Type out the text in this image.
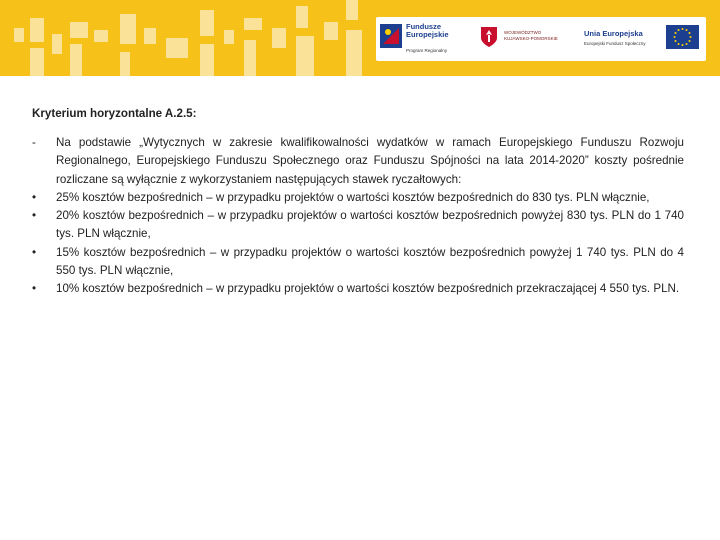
Fundusze
Europejskie
Program Regionalny
WOJEWÓDZTWO
KUJAWSKO-POMORSKIE
Unia Europejska
Europejski Fundusz Społeczny
Kryterium horyzontalne A.2.5:
-	Na podstawie „Wytycznych w zakresie kwalifikowalności wydatków w ramach Europejskiego Funduszu Rozwoju Regionalnego, Europejskiego Funduszu Społecznego oraz Funduszu Spójności na lata 2014-2020” koszty pośrednie rozliczane są wyłącznie z wykorzystaniem następujących stawek ryczałtowych:
•	25% kosztów bezpośrednich – w przypadku projektów o wartości kosztów bezpośrednich do 830 tys. PLN włącznie,
•	20% kosztów bezpośrednich – w przypadku projektów o wartości kosztów bezpośrednich powyżej 830 tys. PLN do 1 740 tys. PLN włącznie,
•	15% kosztów bezpośrednich – w przypadku projektów o wartości kosztów bezpośrednich powyżej 1 740 tys. PLN do 4 550 tys. PLN włącznie,
•	10% kosztów bezpośrednich – w przypadku projektów o wartości kosztów bezpośrednich przekraczającej 4 550 tys. PLN.
